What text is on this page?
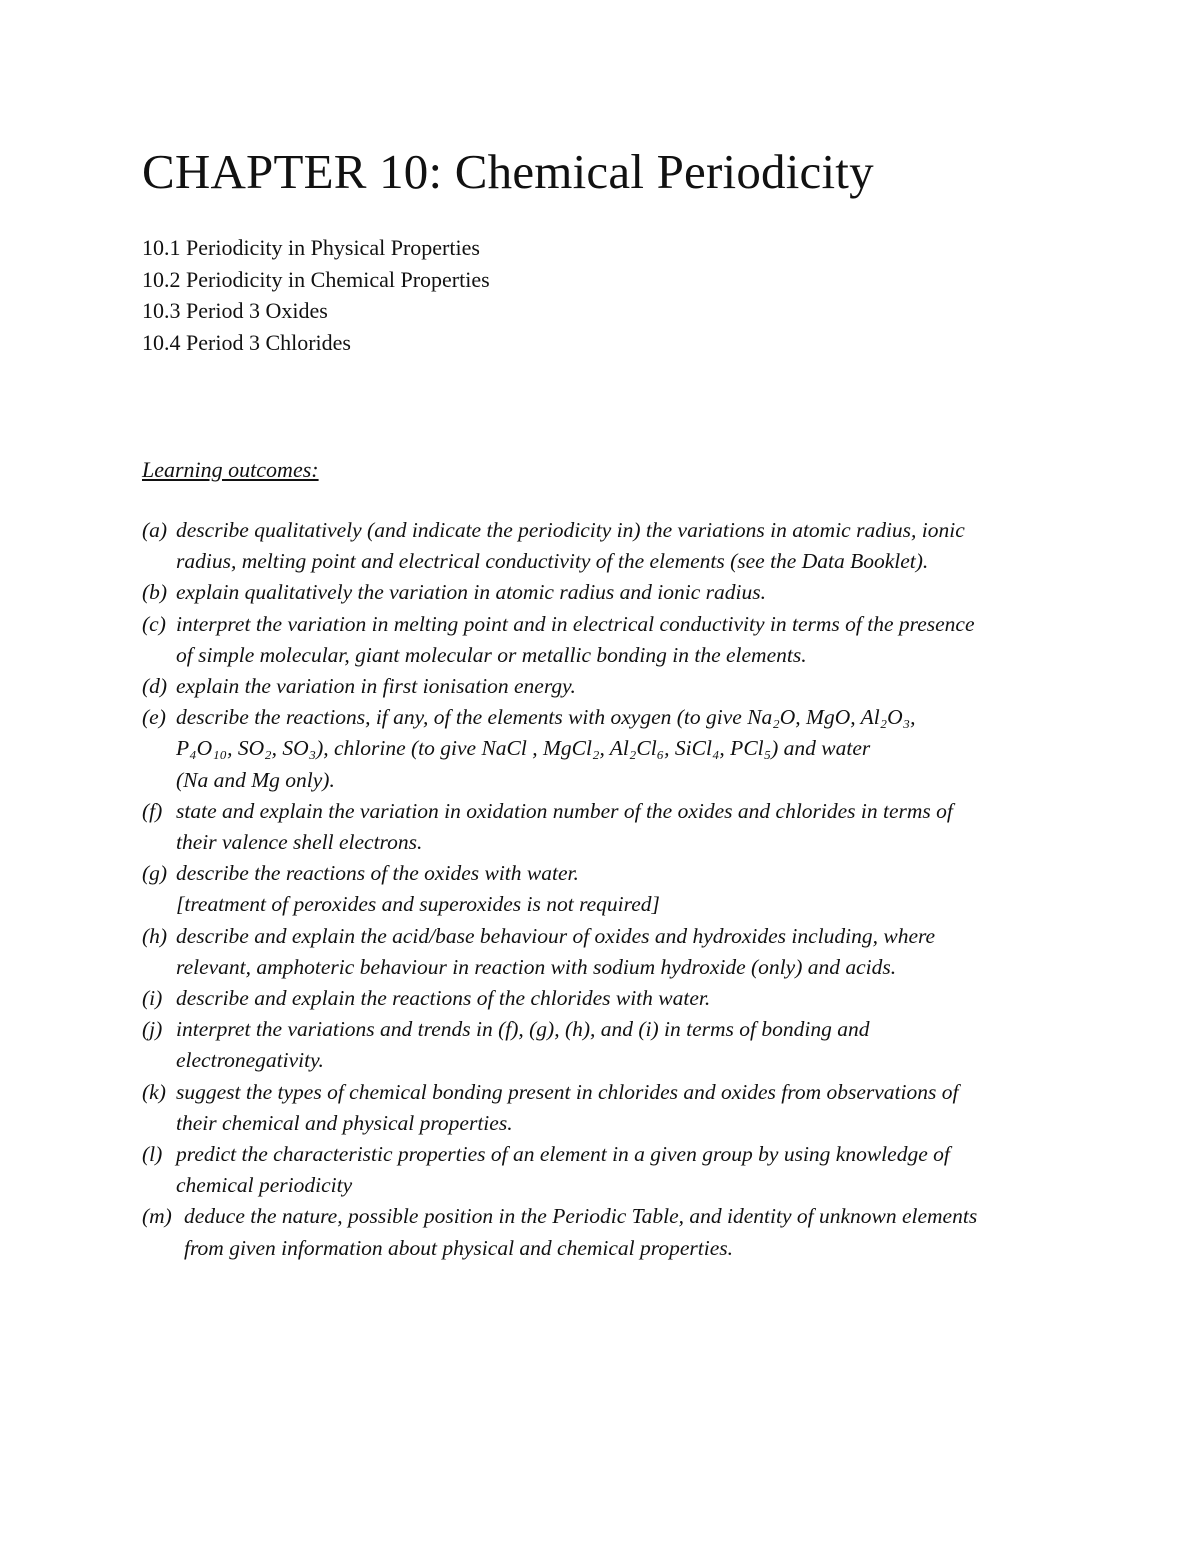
CHAPTER 10: Chemical Periodicity
10.1 Periodicity in Physical Properties
10.2 Periodicity in Chemical Properties
10.3 Period 3 Oxides
10.4 Period 3 Chlorides
Learning outcomes:
(a) describe qualitatively (and indicate the periodicity in) the variations in atomic radius, ionic
radius, melting point and electrical conductivity of the elements (see the Data Booklet).
(b) explain qualitatively the variation in atomic radius and ionic radius.
(c) interpret the variation in melting point and in electrical conductivity in terms of the presence
of simple molecular, giant molecular or metallic bonding in the elements.
(d) explain the variation in first ionisation energy.
(e) describe the reactions, if any, of the elements with oxygen (to give Na₂O, MgO, Al₂O₃,
P₄O₁₀, SO₂, SO₃), chlorine (to give NaCl , MgCl₂, Al₂Cl₆, SiCl₄, PCl₅) and water
(Na and Mg only).
(f) state and explain the variation in oxidation number of the oxides and chlorides in terms of
their valence shell electrons.
(g) describe the reactions of the oxides with water.
[treatment of peroxides and superoxides is not required]
(h) describe and explain the acid/base behaviour of oxides and hydroxides including, where
relevant, amphoteric behaviour in reaction with sodium hydroxide (only) and acids.
(i) describe and explain the reactions of the chlorides with water.
(j) interpret the variations and trends in (f), (g), (h), and (i) in terms of bonding and
electronegativity.
(k) suggest the types of chemical bonding present in chlorides and oxides from observations of
their chemical and physical properties.
(l) predict the characteristic properties of an element in a given group by using knowledge of
chemical periodicity
(m) deduce the nature, possible position in the Periodic Table, and identity of unknown elements
from given information about physical and chemical properties.
